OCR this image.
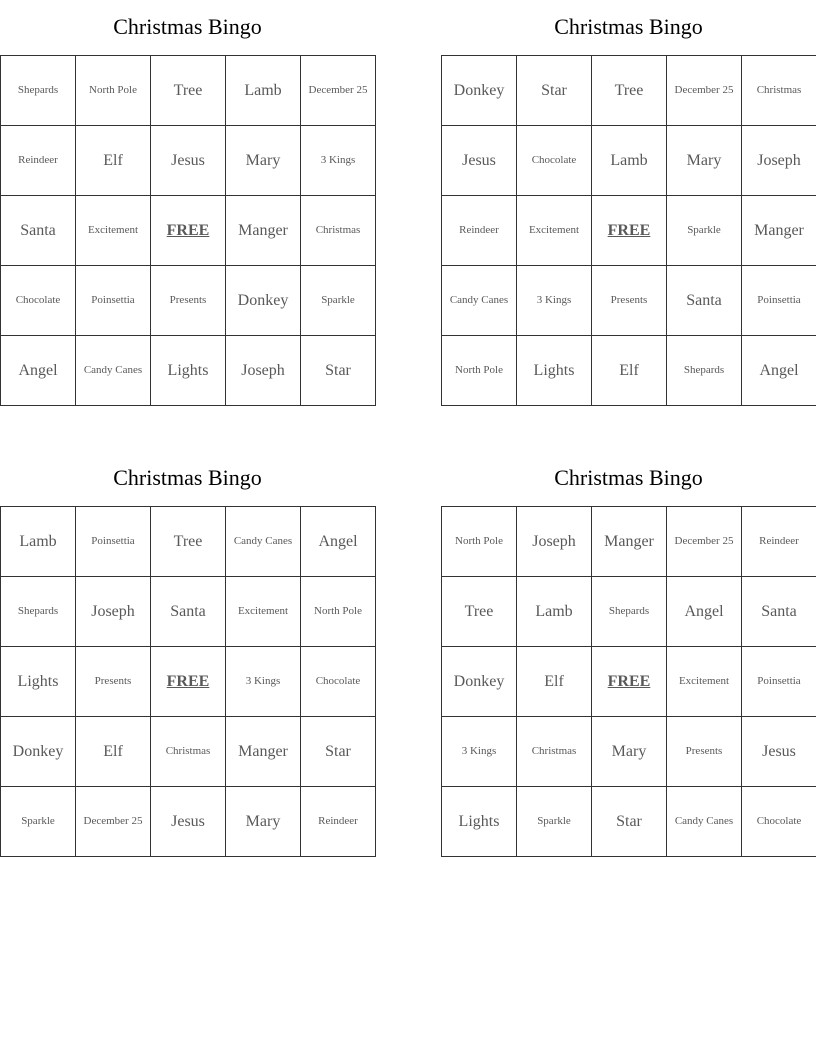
Christmas Bingo
Shepards	North Pole	Tree	Lamb	December 25
Reindeer	Elf	Jesus	Mary	3 Kings
Santa	Excitement	FREE	Manger	Christmas
Chocolate	Poinsettia	Presents	Donkey	Sparkle
Angel	Candy Canes	Lights	Joseph	Star
Christmas Bingo
Donkey	Star	Tree	December 25	Christmas
Jesus	Chocolate	Lamb	Mary	Joseph
Reindeer	Excitement	FREE	Sparkle	Manger
Candy Canes	3 Kings	Presents	Santa	Poinsettia
North Pole	Lights	Elf	Shepards	Angel
Christmas Bingo
Lamb	Poinsettia	Tree	Candy Canes	Angel
Shepards	Joseph	Santa	Excitement	North Pole
Lights	Presents	FREE	3 Kings	Chocolate
Donkey	Elf	Christmas	Manger	Star
Sparkle	December 25	Jesus	Mary	Reindeer
Christmas Bingo
North Pole	Joseph	Manger	December 25	Reindeer
Tree	Lamb	Shepards	Angel	Santa
Donkey	Elf	FREE	Excitement	Poinsettia
3 Kings	Christmas	Mary	Presents	Jesus
Lights	Sparkle	Star	Candy Canes	Chocolate
